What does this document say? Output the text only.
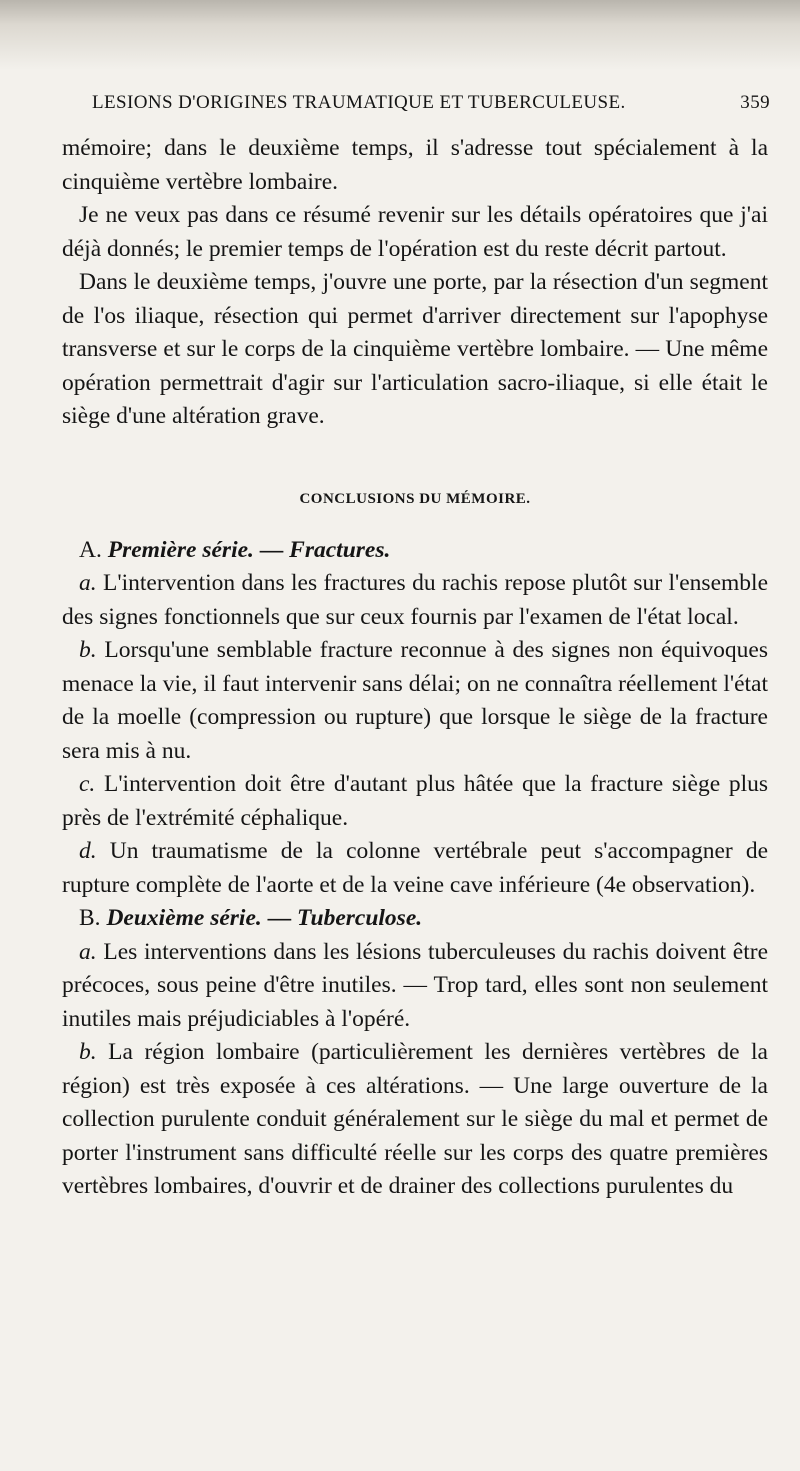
LESIONS D'ORIGINES TRAUMATIQUE ET TUBERCULEUSE.	359

mémoire; dans le deuxième temps, il s'adresse tout spécialement à la cinquième vertèbre lombaire.

Je ne veux pas dans ce résumé revenir sur les détails opératoires que j'ai déjà donnés; le premier temps de l'opération est du reste décrit partout.

Dans le deuxième temps, j'ouvre une porte, par la résection d'un segment de l'os iliaque, résection qui permet d'arriver directement sur l'apophyse transverse et sur le corps de la cinquième vertèbre lombaire. — Une même opération permettrait d'agir sur l'articulation sacro-iliaque, si elle était le siège d'une altération grave.

CONCLUSIONS DU MÉMOIRE.

A. Première série. — Fractures.

a. L'intervention dans les fractures du rachis repose plutôt sur l'ensemble des signes fonctionnels que sur ceux fournis par l'examen de l'état local.

b. Lorsqu'une semblable fracture reconnue à des signes non équivoques menace la vie, il faut intervenir sans délai; on ne connaîtra réellement l'état de la moelle (compression ou rupture) que lorsque le siège de la fracture sera mis à nu.

c. L'intervention doit être d'autant plus hâtée que la fracture siège plus près de l'extrémité céphalique.

d. Un traumatisme de la colonne vertébrale peut s'accompagner de rupture complète de l'aorte et de la veine cave inférieure (4e observation).

B. Deuxième série. — Tuberculose.

a. Les interventions dans les lésions tuberculeuses du rachis doivent être précoces, sous peine d'être inutiles. — Trop tard, elles sont non seulement inutiles mais préjudiciables à l'opéré.

b. La région lombaire (particulièrement les dernières vertèbres de la région) est très exposée à ces altérations. — Une large ouverture de la collection purulente conduit généralement sur le siège du mal et permet de porter l'instrument sans difficulté réelle sur les corps des quatre premières vertèbres lombaires, d'ouvrir et de drainer des collections purulentes du
